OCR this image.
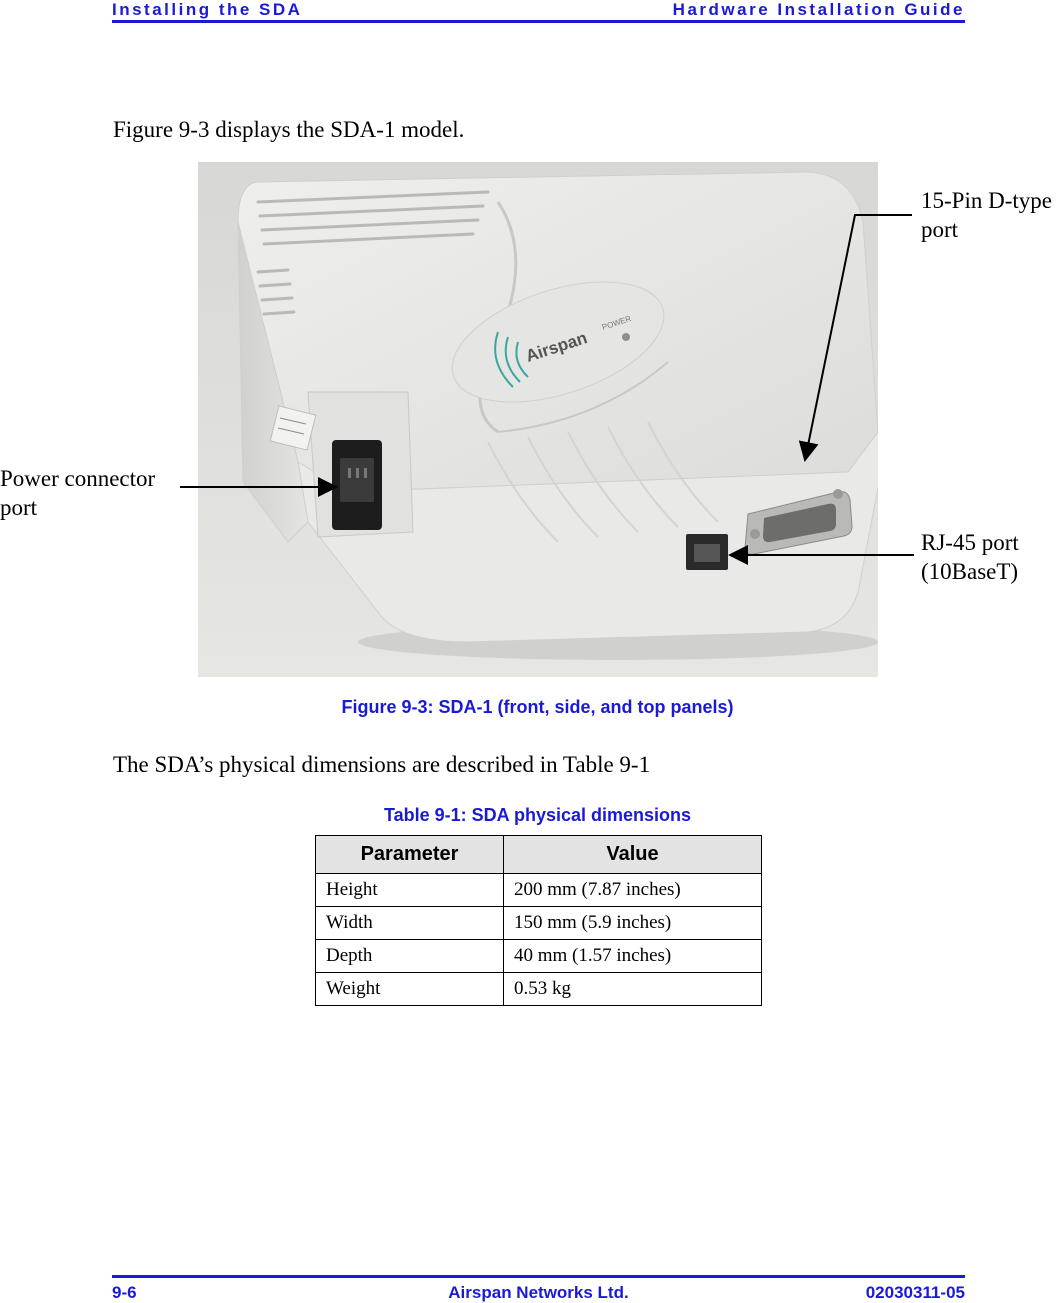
Installing the SDA	Hardware Installation Guide
Figure 9-3 displays the SDA-1 model.
Airspan
POWER
15-Pin D-type
port
Power connector
port
RJ-45 port
(10BaseT)
Figure 9-3: SDA-1 (front, side, and top panels)
The SDA’s physical dimensions are described in Table 9-1
Table 9-1: SDA physical dimensions
Parameter	Value
Height	200 mm (7.87 inches)
Width	150 mm (5.9 inches)
Depth	40 mm (1.57 inches)
Weight	0.53 kg
9-6	Airspan Networks Ltd.	02030311-05
